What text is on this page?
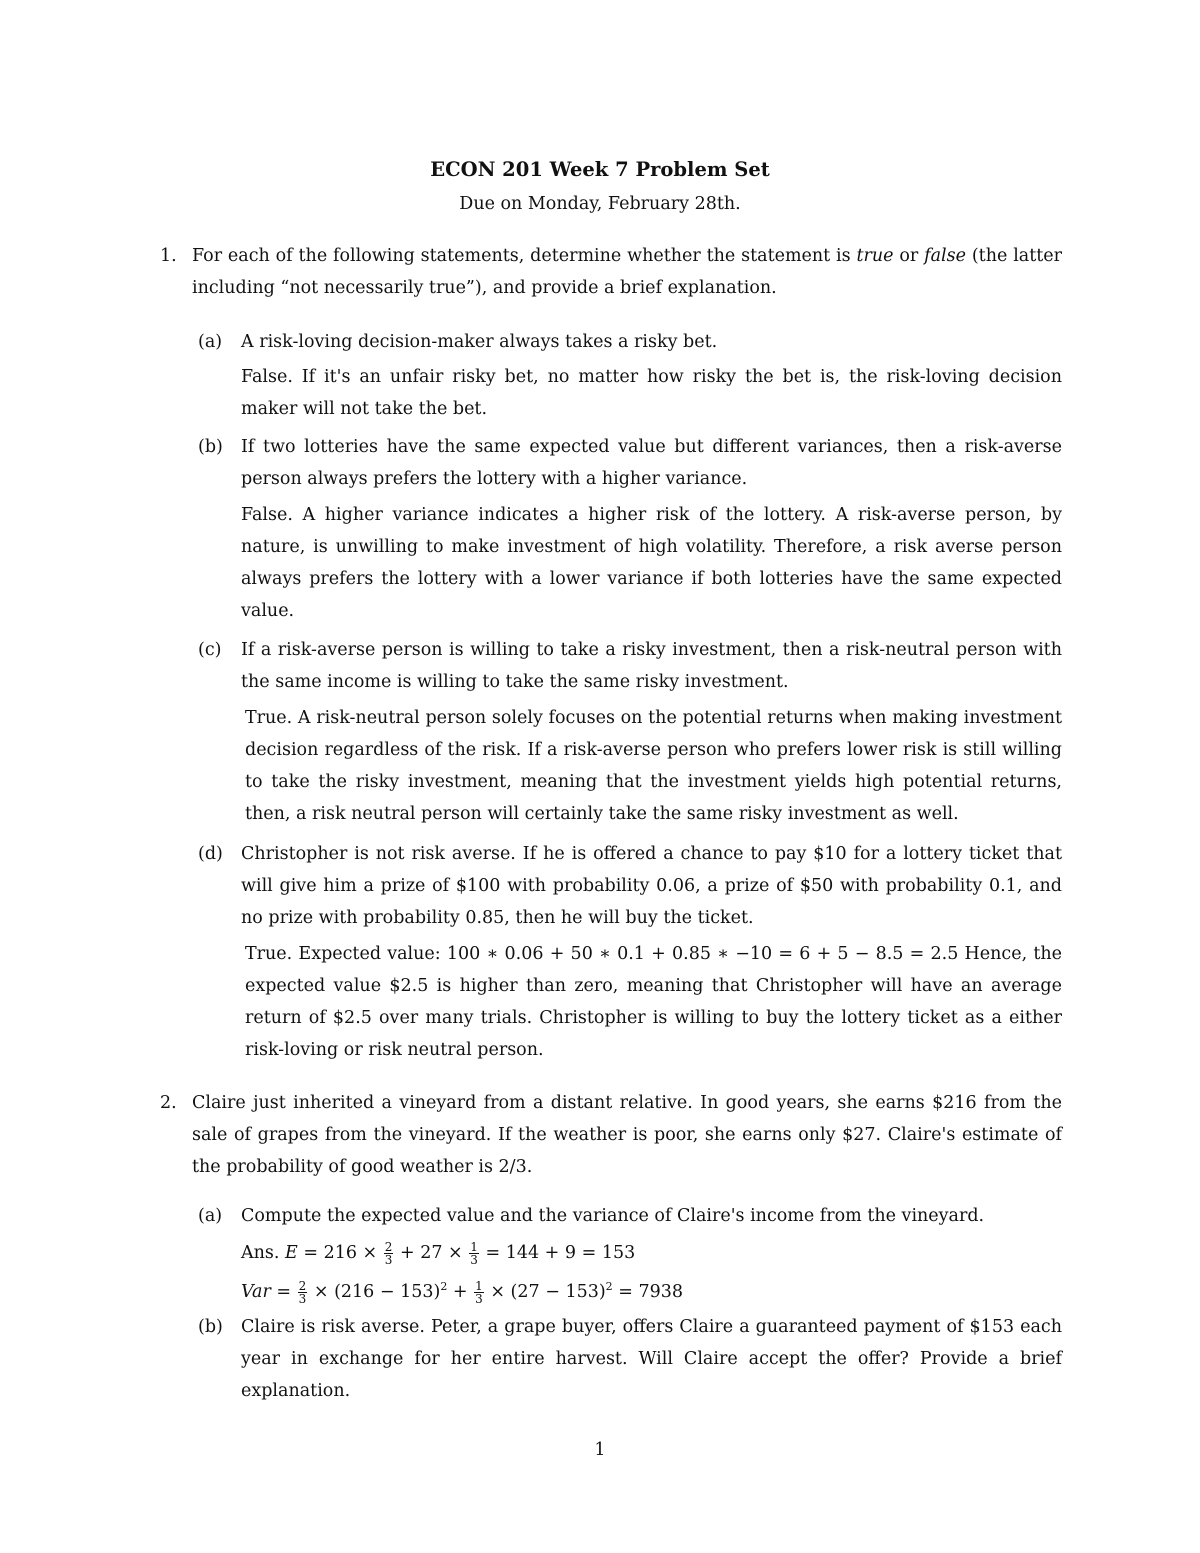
ECON 201 Week 7 Problem Set
Due on Monday, February 28th.
1. For each of the following statements, determine whether the statement is true or false (the latter including “not necessarily true”), and provide a brief explanation.
(a)	A risk-loving decision-maker always takes a risky bet.
False. If it's an unfair risky bet, no matter how risky the bet is, the risk-loving decision maker will not take the bet.
(b)	If two lotteries have the same expected value but different variances, then a risk-averse person always prefers the lottery with a higher variance.
False. A higher variance indicates a higher risk of the lottery. A risk-averse person, by nature, is unwilling to make investment of high volatility. Therefore, a risk averse person always prefers the lottery with a lower variance if both lotteries have the same expected value.
(c)	If a risk-averse person is willing to take a risky investment, then a risk-neutral person with the same income is willing to take the same risky investment.
True. A risk-neutral person solely focuses on the potential returns when making investment decision regardless of the risk. If a risk-averse person who prefers lower risk is still willing to take the risky investment, meaning that the investment yields high potential returns, then, a risk neutral person will certainly take the same risky investment as well.
(d)	Christopher is not risk averse. If he is offered a chance to pay $10 for a lottery ticket that will give him a prize of $100 with probability 0.06, a prize of $50 with probability 0.1, and no prize with probability 0.85, then he will buy the ticket.
True. Expected value: 100 ∗ 0.06 + 50 ∗ 0.1 + 0.85 ∗ −10 = 6 + 5 − 8.5 = 2.5 Hence, the expected value $2.5 is higher than zero, meaning that Christopher will have an average return of $2.5 over many trials. Christopher is willing to buy the lottery ticket as a either risk-loving or risk neutral person.
2. Claire just inherited a vineyard from a distant relative. In good years, she earns $216 from the sale of grapes from the vineyard. If the weather is poor, she earns only $27. Claire's estimate of the probability of good weather is 2/3.
(a)	Compute the expected value and the variance of Claire's income from the vineyard.
Ans. $E = 216 \times \frac{2}{3} + 27 \times \frac{1}{3} = 144 + 9 = 153$
Var = $\frac{2}{3} \times (216 - 153)^2 + \frac{1}{3} \times (27 - 153)^2 = 7938$
(b)	Claire is risk averse. Peter, a grape buyer, offers Claire a guaranteed payment of $153 each year in exchange for her entire harvest. Will Claire accept the offer? Provide a brief explanation.
1
